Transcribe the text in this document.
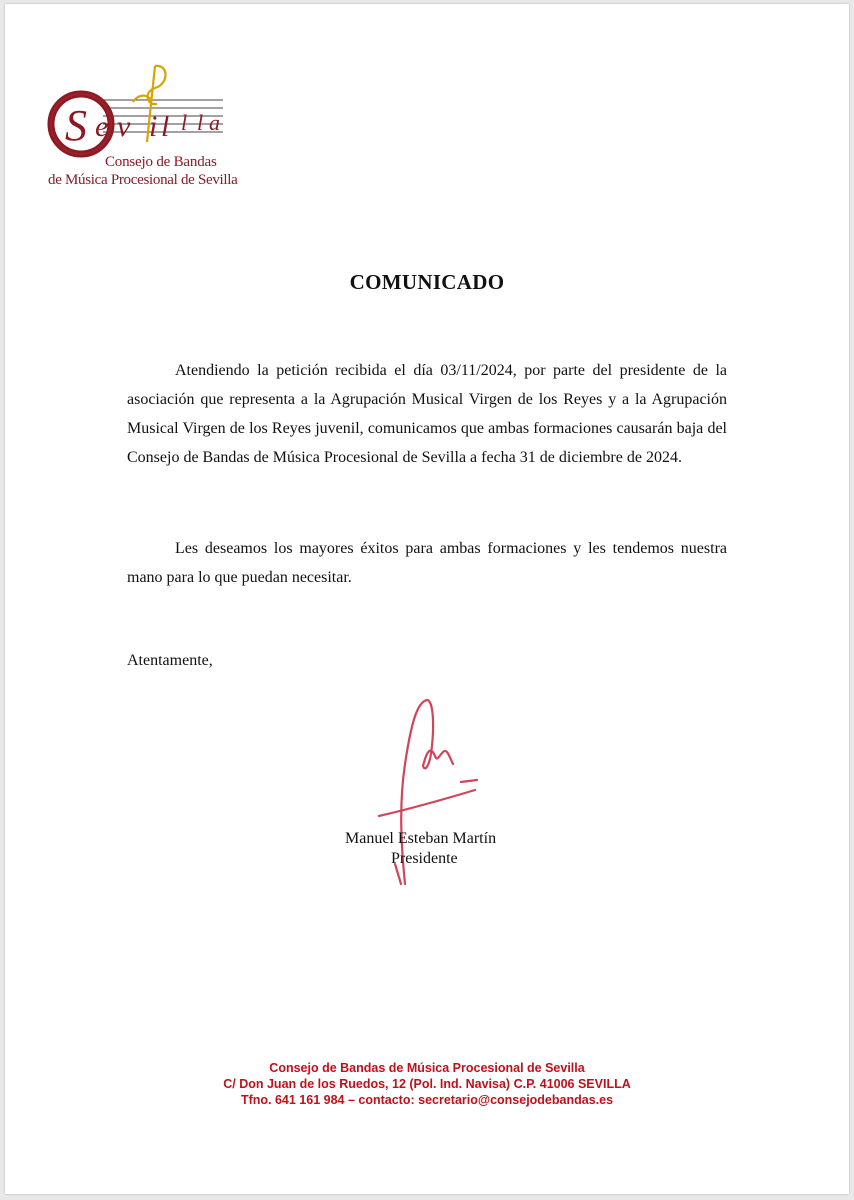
S e v i l l l a
Consejo de Bandas
de Música Procesional de Sevilla
COMUNICADO

Atendiendo la petición recibida el día 03/11/2024, por parte del presidente de la asociación que representa a la Agrupación Musical Virgen de los Reyes y a la Agrupación Musical Virgen de los Reyes juvenil, comunicamos que ambas formaciones causarán baja del Consejo de Bandas de Música Procesional de Sevilla a fecha 31 de diciembre de 2024.

Les deseamos los mayores éxitos para ambas formaciones y les tendemos nuestra mano para lo que puedan necesitar.

Atentamente,
Manuel Esteban Martín
Presidente
Consejo de Bandas de Música Procesional de Sevilla
C/ Don Juan de los Ruedos, 12 (Pol. Ind. Navisa) C.P. 41006 SEVILLA
Tfno. 641 161 984 – contacto: secretario@consejodebandas.es
